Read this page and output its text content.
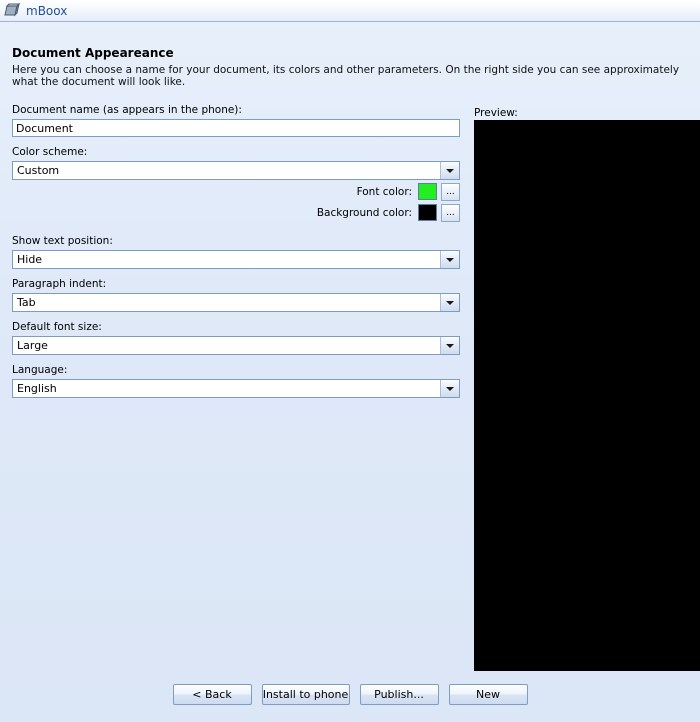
mBoox
Document Appeareance
Here you can choose a name for your document, its colors and other parameters. On the right side you can see approximately what the document will look like.
Document name (as appears in the phone):
Document
Color scheme:
Custom
Show text position:
Hide
Paragraph indent:
Tab
Default font size:
Large
Language:
English
Font color:	...
Background color:	...
Preview:
< Back	Install to phone	Publish...	New
